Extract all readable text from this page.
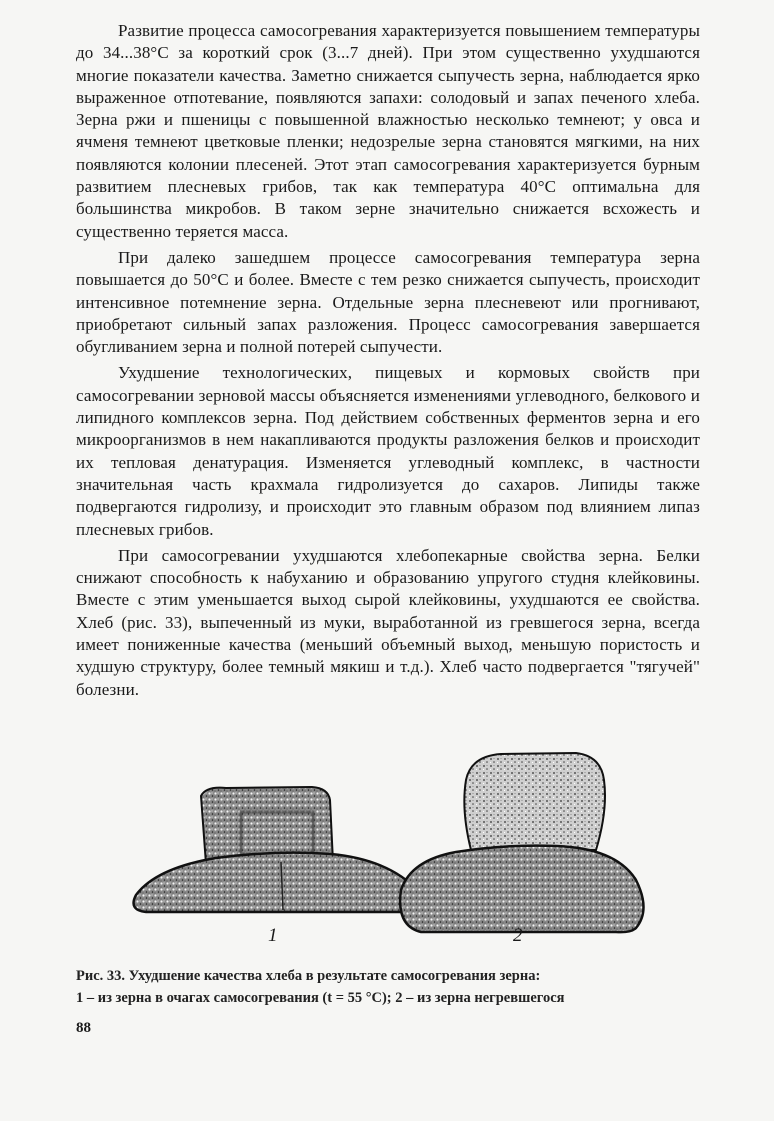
Развитие процесса самосогревания характеризуется повышением температуры до 34...38°C за короткий срок (3...7 дней). При этом существенно ухудшаются многие показатели качества. Заметно снижается сыпучесть зерна, наблюдается ярко выраженное отпотевание, появляются запахи: солодовый и запах печеного хлеба. Зерна ржи и пшеницы с повышенной влажностью несколько темнеют; у овса и ячменя темнеют цветковые пленки; недозрелые зерна становятся мягкими, на них появляются колонии плесеней. Этот этап самосогревания характеризуется бурным развитием плесневых грибов, так как температура 40°C оптимальна для большинства микробов. В таком зерне значительно снижается всхожесть и существенно теряется масса.

При далеко зашедшем процессе самосогревания температура зерна повышается до 50°C и более. Вместе с тем резко снижается сыпучесть, происходит интенсивное потемнение зерна. Отдельные зерна плесневеют или прогнивают, приобретают сильный запах разложения. Процесс самосогревания завершается обугливанием зерна и полной потерей сыпучести.

Ухудшение технологических, пищевых и кормовых свойств при самосогревании зерновой массы объясняется изменениями углеводного, белкового и липидного комплексов зерна. Под действием собственных ферментов зерна и его микроорганизмов в нем накапливаются продукты разложения белков и происходит их тепловая денатурация. Изменяется углеводный комплекс, в частности значительная часть крахмала гидролизуется до сахаров. Липиды также подвергаются гидролизу, и происходит это главным образом под влиянием липаз плесневых грибов.

При самосогревании ухудшаются хлебопекарные свойства зерна. Белки снижают способность к набуханию и образованию упругого студня клейковины. Вместе с этим уменьшается выход сырой клейковины, ухудшаются ее свойства. Хлеб (рис. 33), выпеченный из муки, выработанной из гревшегося зерна, всегда имеет пониженные качества (меньший объемный выход, меньшую пористость и худшую структуру, более темный мякиш и т.д.). Хлеб часто подвергается "тягучей" болезни.

1	2
Рис. 33. Ухудшение качества хлеба в результате самосогревания зерна:
1 – из зерна в очагах самосогревания (t = 55 °C); 2 – из зерна негревшегося
88
